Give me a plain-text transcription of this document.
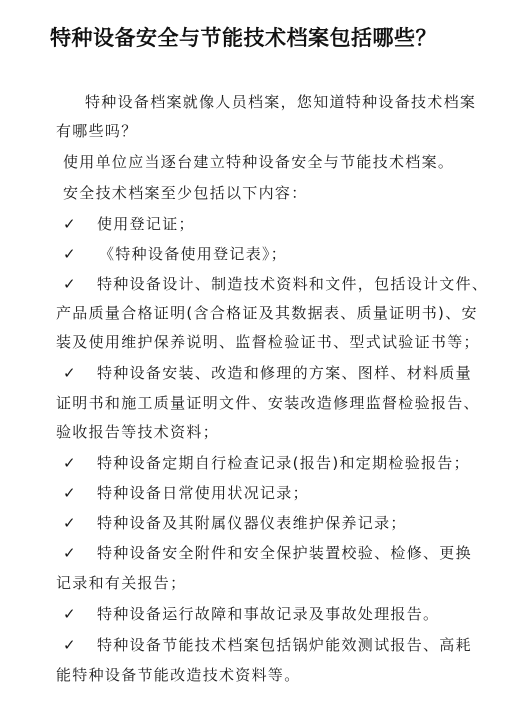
特种设备安全与节能技术档案包括哪些？
特种设备档案就像人员档案，您知道特种设备技术档案
有哪些吗？
使用单位应当逐台建立特种设备安全与节能技术档案。
安全技术档案至少包括以下内容：
✓ 使用登记证；
✓ 《特种设备使用登记表》；
✓ 特种设备设计、制造技术资料和文件，包括设计文件、
产品质量合格证明(含合格证及其数据表、质量证明书)、安
装及使用维护保养说明、监督检验证书、型式试验证书等；
✓ 特种设备安装、改造和修理的方案、图样、材料质量
证明书和施工质量证明文件、安装改造修理监督检验报告、
验收报告等技术资料；
✓ 特种设备定期自行检查记录(报告)和定期检验报告；
✓ 特种设备日常使用状况记录；
✓ 特种设备及其附属仪器仪表维护保养记录；
✓ 特种设备安全附件和安全保护装置校验、检修、更换
记录和有关报告；
✓ 特种设备运行故障和事故记录及事故处理报告。
✓ 特种设备节能技术档案包括锅炉能效测试报告、高耗
能特种设备节能改造技术资料等。
